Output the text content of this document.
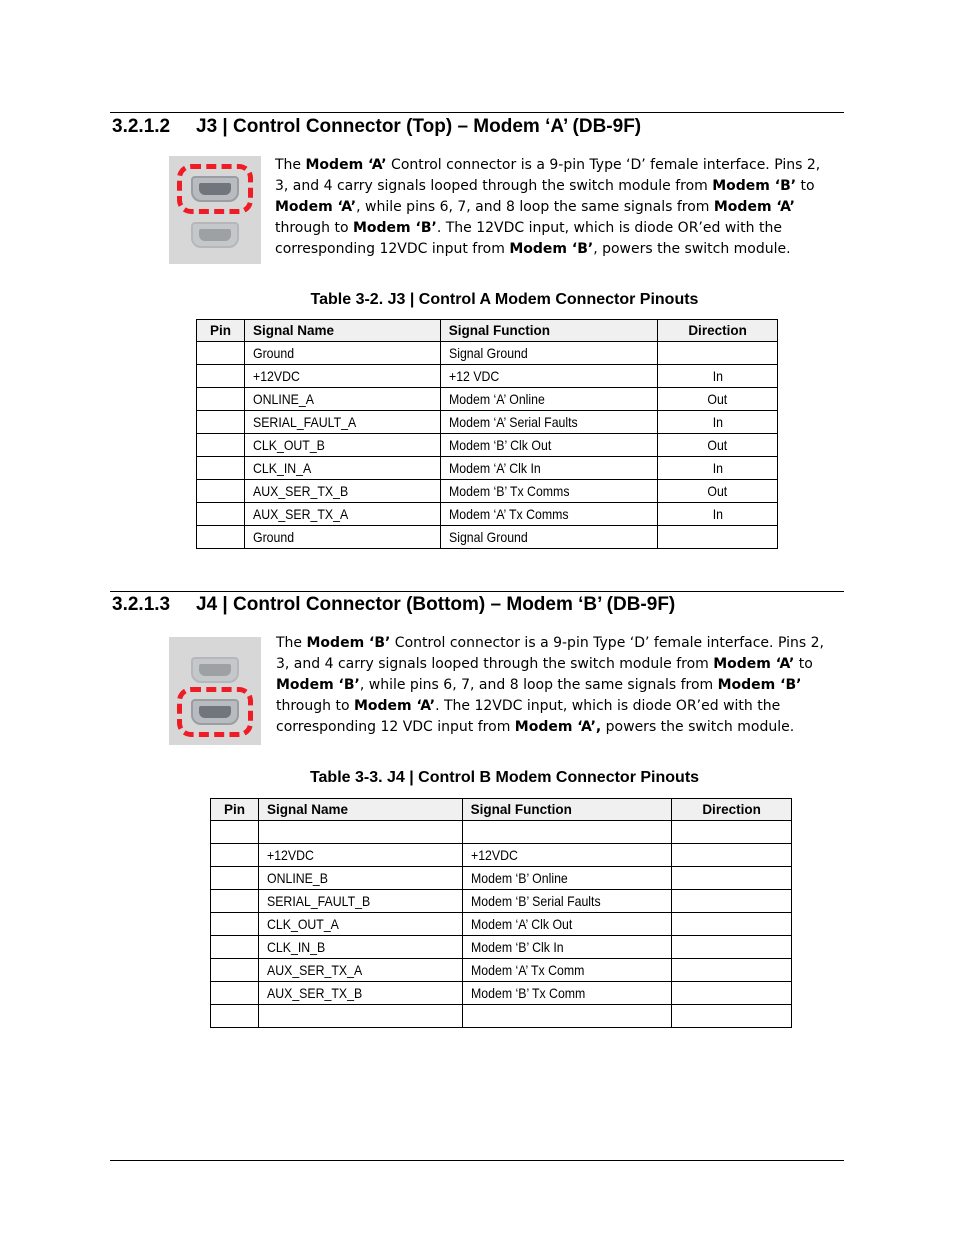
3.2.1.2 J3 | Control Connector (Top) – Modem ‘A’ (DB-9F)
The Modem ‘A’ Control connector is a 9-pin Type ‘D’ female interface. Pins 2, 3, and 4 carry signals looped through the switch module from Modem ‘B’ to Modem ‘A’, while pins 6, 7, and 8 loop the same signals from Modem ‘A’ through to Modem ‘B’. The 12VDC input, which is diode OR’ed with the corresponding 12VDC input from Modem ‘B’, powers the switch module.
Table 3-2. J3 | Control A Modem Connector Pinouts
Pin	Signal Name	Signal Function	Direction
	Ground	Signal Ground	
	+12VDC	+12 VDC	In
	ONLINE_A	Modem ‘A’ Online	Out
	SERIAL_FAULT_A	Modem ‘A’ Serial Faults	In
	CLK_OUT_B	Modem ‘B’ Clk Out	Out
	CLK_IN_A	Modem ‘A’ Clk In	In
	AUX_SER_TX_B	Modem ‘B’ Tx Comms	Out
	AUX_SER_TX_A	Modem ‘A’ Tx Comms	In
	Ground	Signal Ground	
3.2.1.3 J4 | Control Connector (Bottom) – Modem ‘B’ (DB-9F)
The Modem ‘B’ Control connector is a 9-pin Type ‘D’ female interface. Pins 2, 3, and 4 carry signals looped through the switch module from Modem ‘A’ to Modem ‘B’, while pins 6, 7, and 8 loop the same signals from Modem ‘B’ through to Modem ‘A’. The 12VDC input, which is diode OR’ed with the corresponding 12 VDC input from Modem ‘A’, powers the switch module.
Table 3-3. J4 | Control B Modem Connector Pinouts
Pin	Signal Name	Signal Function	Direction

	+12VDC	+12VDC	
	ONLINE_B	Modem ‘B’ Online	
	SERIAL_FAULT_B	Modem ‘B’ Serial Faults	
	CLK_OUT_A	Modem ‘A’ Clk Out	
	CLK_IN_B	Modem ‘B’ Clk In	
	AUX_SER_TX_A	Modem ‘A’ Tx Comm	
	AUX_SER_TX_B	Modem ‘B’ Tx Comm	
